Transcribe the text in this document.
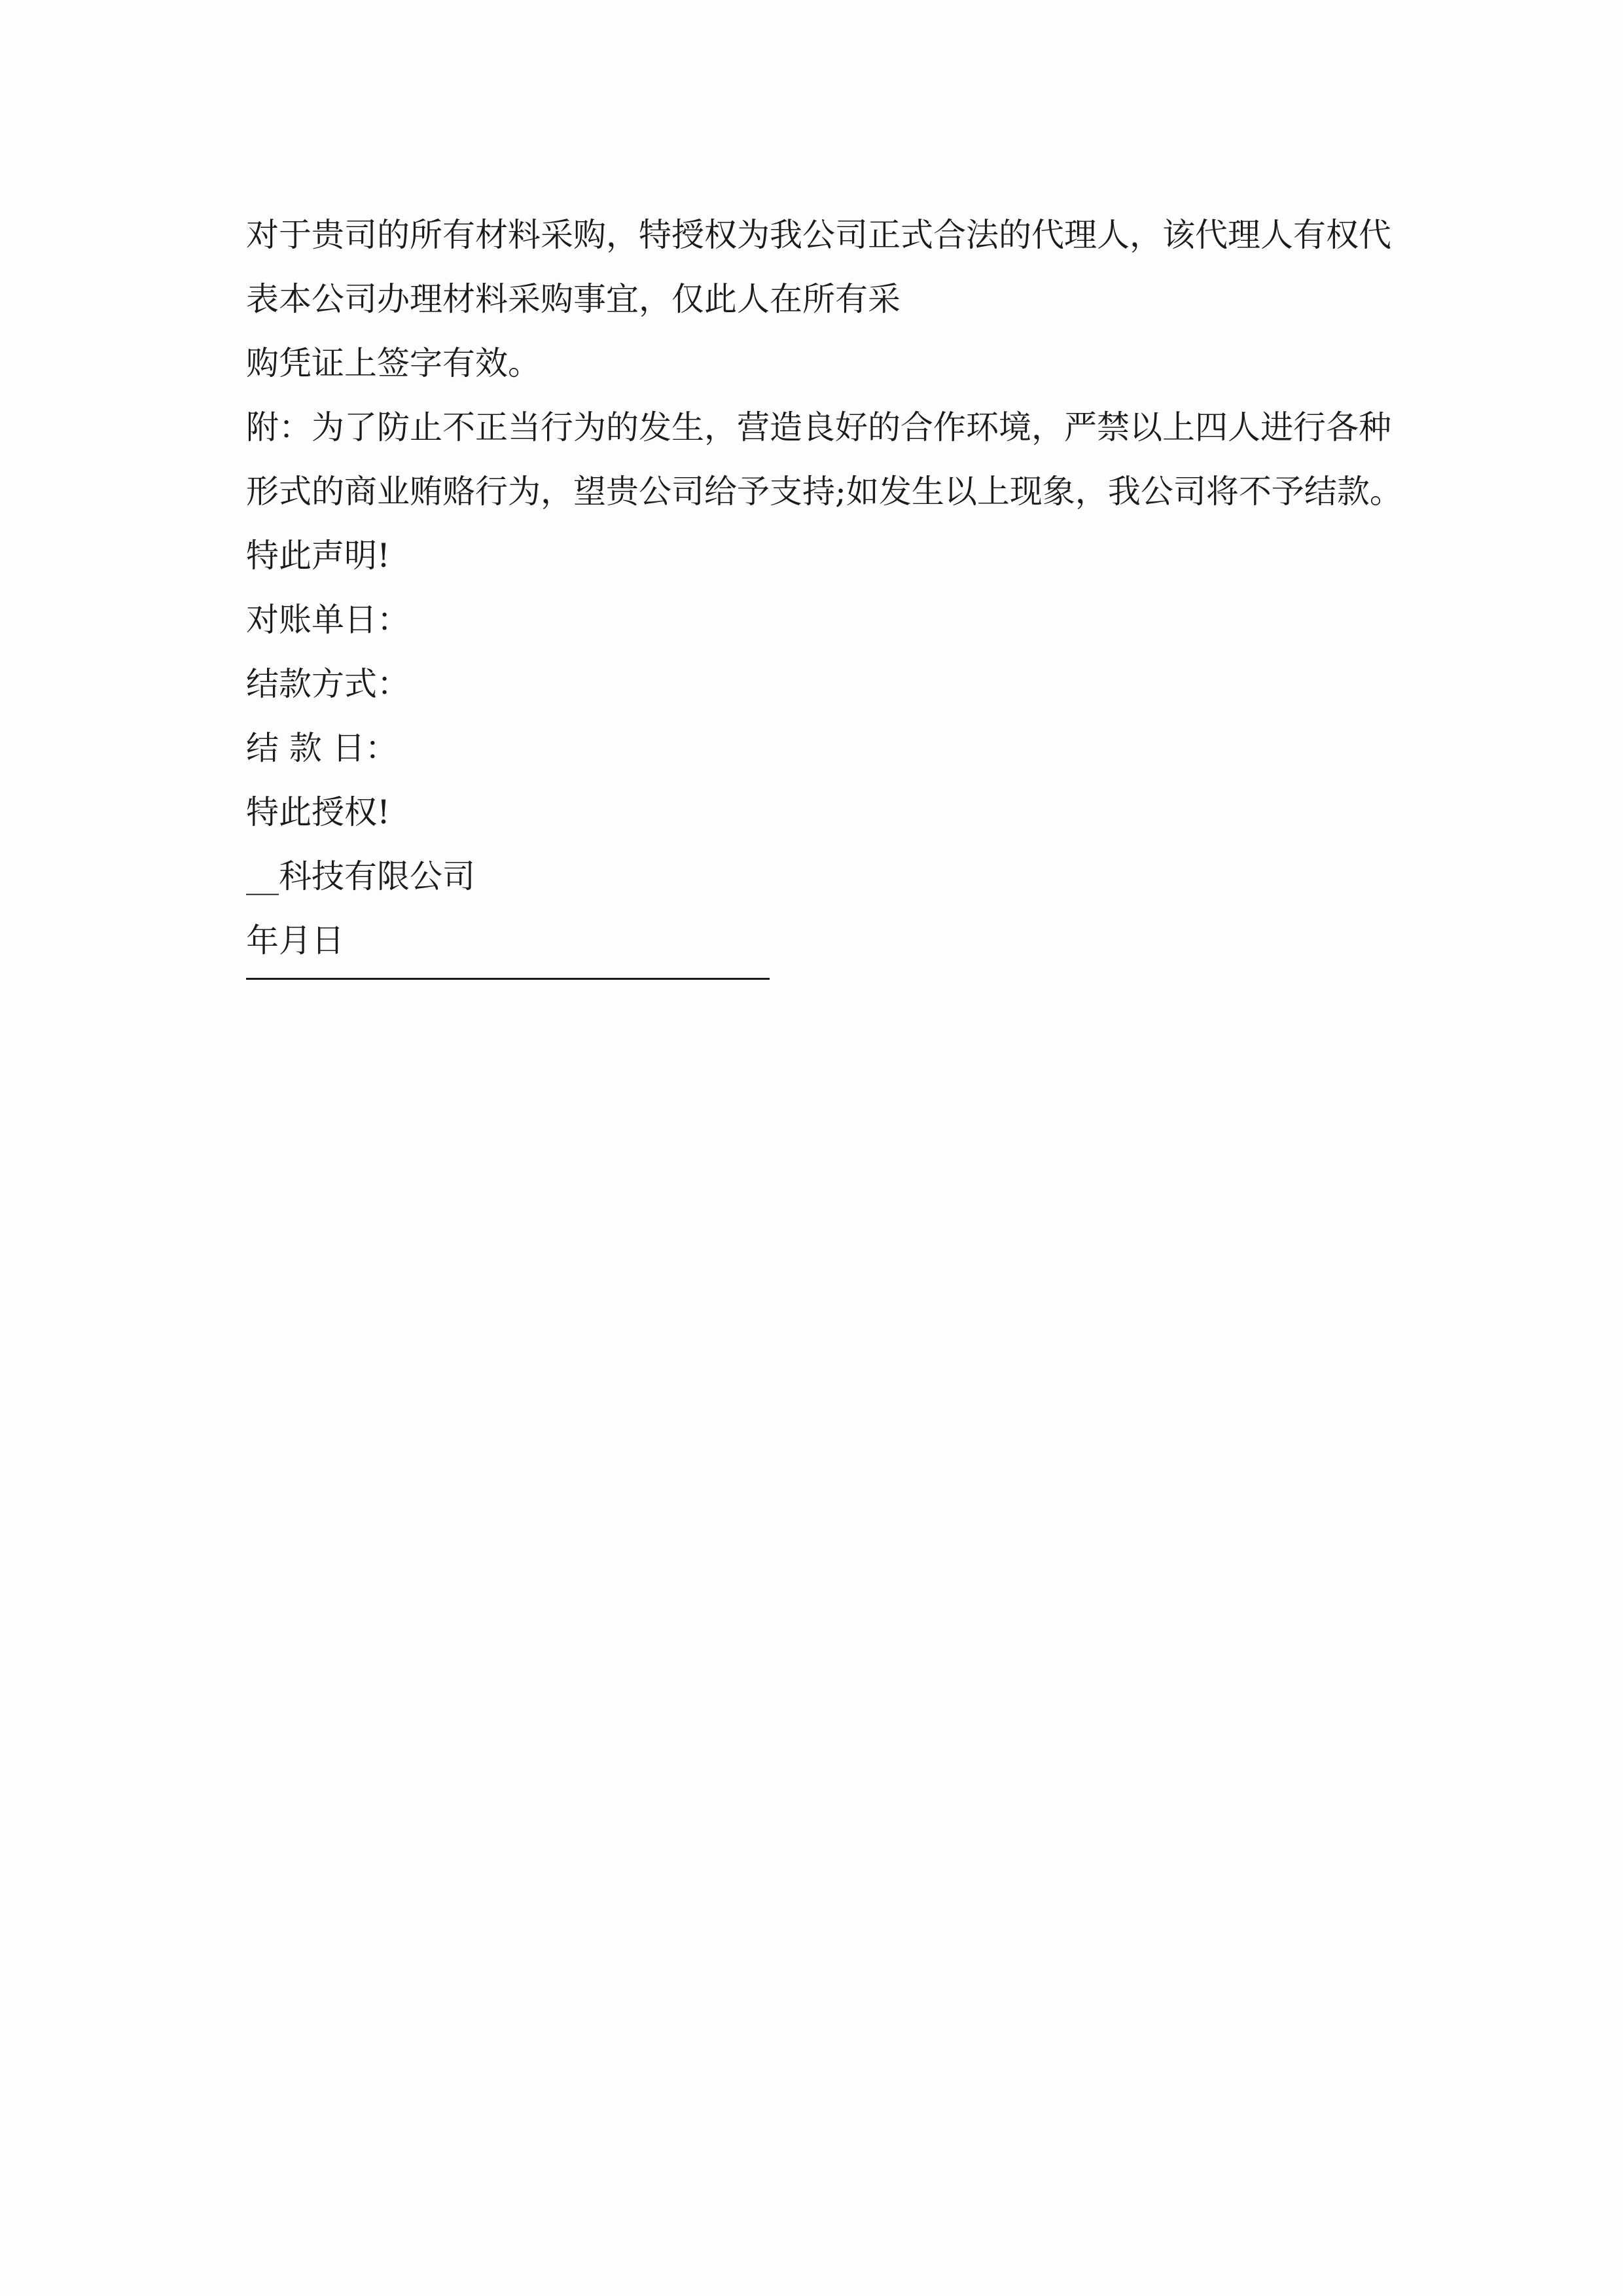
对于贵司的所有材料采购，特授权为我公司正式合法的代理人，该代理人有权代
表本公司办理材料采购事宜，仅此人在所有采
购凭证上签字有效。
附：为了防止不正当行为的发生，营造良好的合作环境，严禁以上四人进行各种
形式的商业贿赂行为，望贵公司给予支持;如发生以上现象，我公司将不予结款。
特此声明!
对账单日：
结款方式：
结 款 日：
特此授权!
__科技有限公司
年月日
